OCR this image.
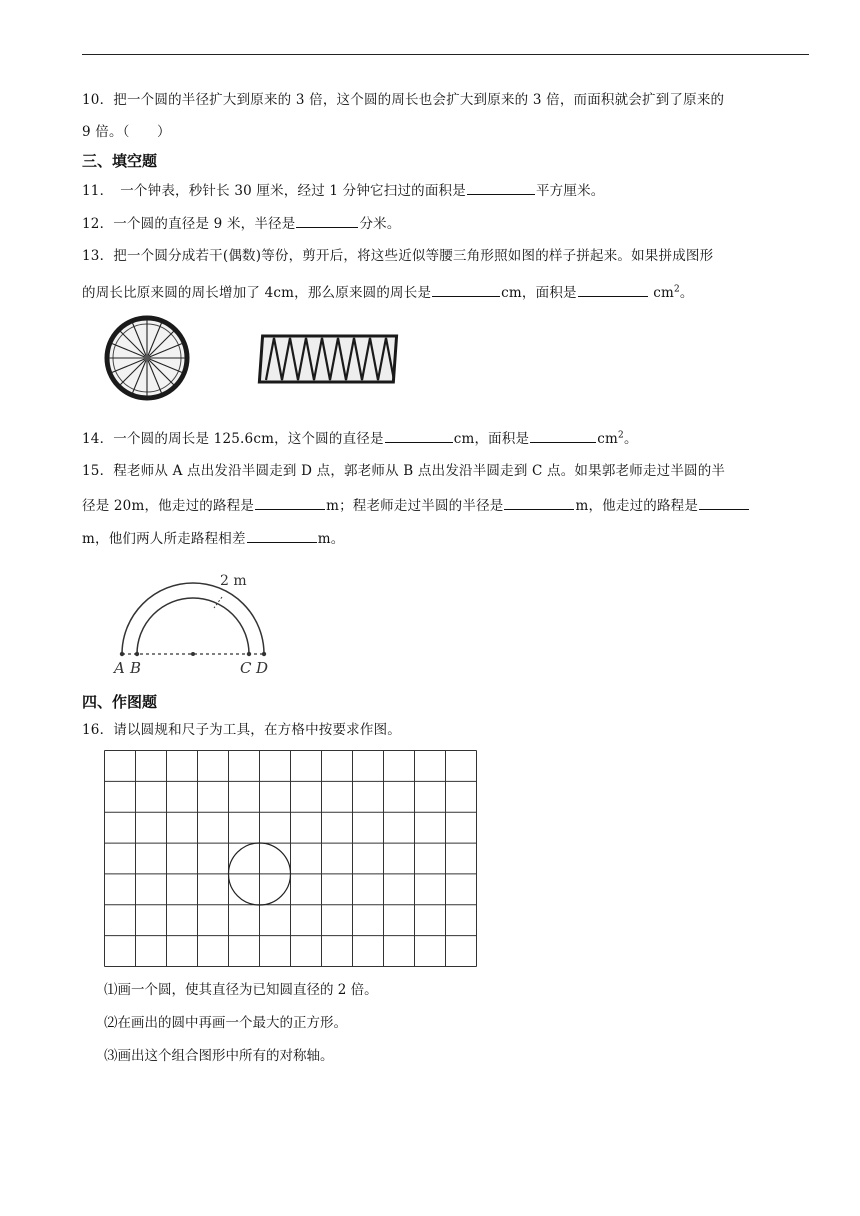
10．把一个圆的半径扩大到原来的 3 倍，这个圆的周长也会扩大到原来的 3 倍，而面积就会扩到了原来的
9 倍。（　　）
三、填空题
11．　一个钟表，秒针长 30 厘米，经过 1 分钟它扫过的面积是	平方厘米。
12．一个圆的直径是 9 米，半径是	分米。
13．把一个圆分成若干(偶数)等份，剪开后，将这些近似等腰三角形照如图的样子拼起来。如果拼成图形
的周长比原来圆的周长增加了 4cm，那么原来圆的周长是	cm，面积是	$cm^2$。
14．一个圆的周长是 125.6cm，这个圆的直径是	cm，面积是	$cm^2$。
15．程老师从 A 点出发沿半圆走到 D 点，郭老师从 B 点出发沿半圆走到 C 点。如果郭老师走过半圆的半
径是 20m，他走过的路程是	m；程老师走过半圆的半径是	m，他走过的路程是
m，他们两人所走路程相差	m。
2 m
A B	C D
四、作图题
16．请以圆规和尺子为工具，在方格中按要求作图。
⑴画一个圆，使其直径为已知圆直径的 2 倍。
⑵在画出的圆中再画一个最大的正方形。
⑶画出这个组合图形中所有的对称轴。
